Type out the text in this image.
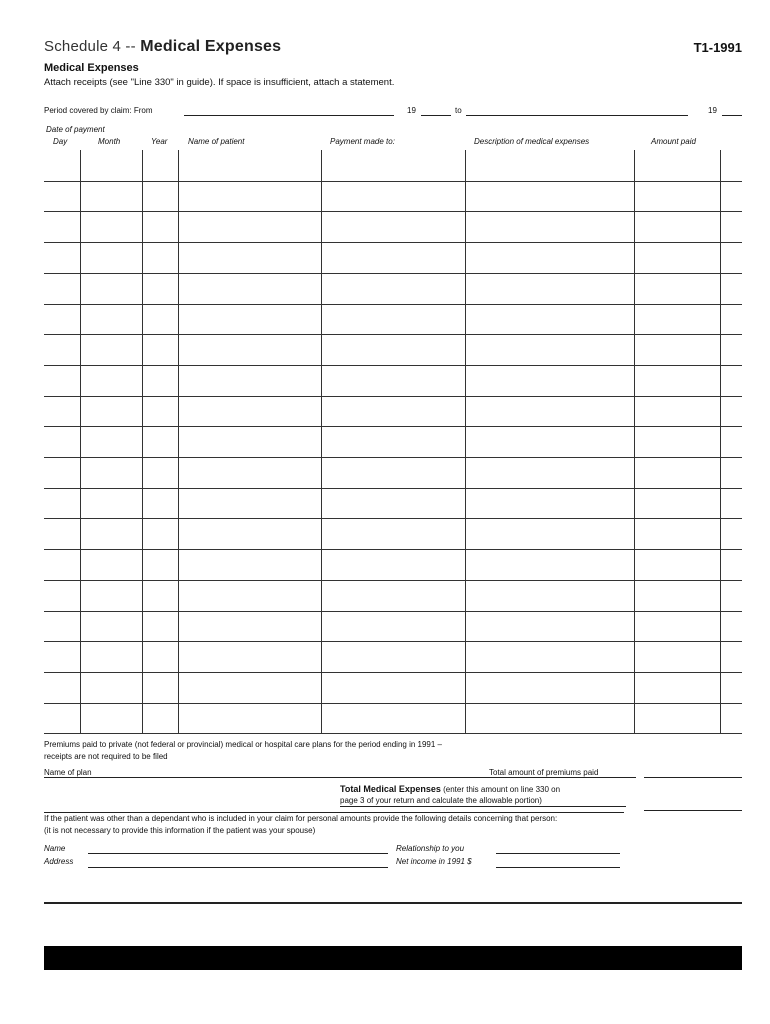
Schedule 4 -- Medical Expenses	T1-1991
Medical Expenses
Attach receipts (see "Line 330" in guide). If space is insufficient, attach a statement.
Period covered by claim: From	19	to	19
Date of payment
Day	Month	Year	Name of patient	Payment made to:	Description of medical expenses	Amount paid
Premiums paid to private (not federal or provincial) medical or hospital care plans for the period ending in 1991 –
receipts are not required to be filed
Name of plan	Total amount of premiums paid
Total Medical Expenses (enter this amount on line 330 on
page 3 of your return and calculate the allowable portion)
If the patient was other than a dependant who is included in your claim for personal amounts provide the following details concerning that person:
(it is not necessary to provide this information if the patient was your spouse)
Name
Address
Relationship to you
Net income in 1991 $
